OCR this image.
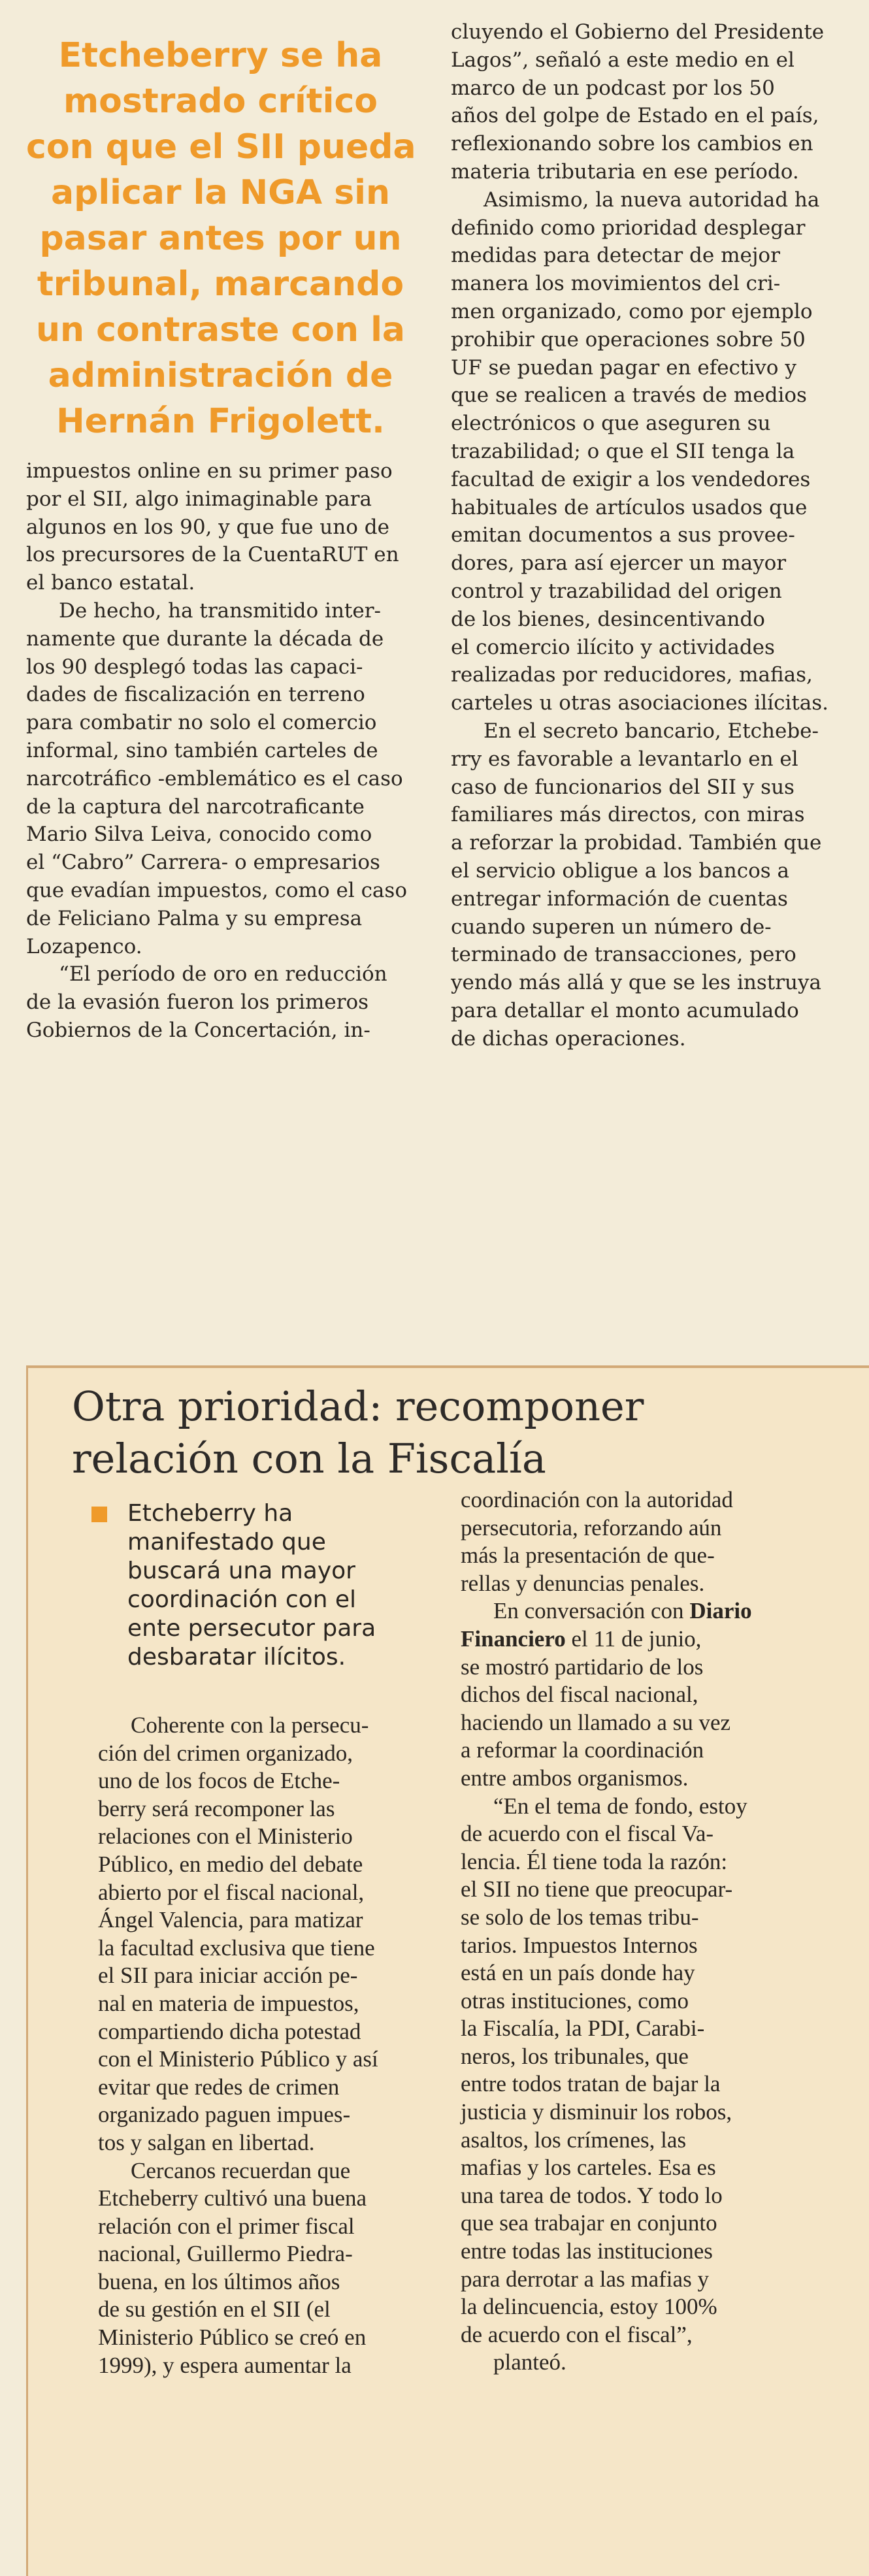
Etcheberry se ha
mostrado crítico
con que el SII pueda
aplicar la NGA sin
pasar antes por un
tribunal, marcando
un contraste con la
administración de
Hernán Frigolett.
impuestos online en su primer paso
por el SII, algo inimaginable para
algunos en los 90, y que fue uno de
los precursores de la CuentaRUT en
el banco estatal.
De hecho, ha transmitido inter-
namente que durante la década de
los 90 desplegó todas las capaci-
dades de fiscalización en terreno
para combatir no solo el comercio
informal, sino también carteles de
narcotráfico -emblemático es el caso
de la captura del narcotraficante
Mario Silva Leiva, conocido como
el “Cabro” Carrera- o empresarios
que evadían impuestos, como el caso
de Feliciano Palma y su empresa
Lozapenco.
“El período de oro en reducción
de la evasión fueron los primeros
Gobiernos de la Concertación, in-
cluyendo el Gobierno del Presidente
Lagos”, señaló a este medio en el
marco de un podcast por los 50
años del golpe de Estado en el país,
reflexionando sobre los cambios en
materia tributaria en ese período.
Asimismo, la nueva autoridad ha
definido como prioridad desplegar
medidas para detectar de mejor
manera los movimientos del cri-
men organizado, como por ejemplo
prohibir que operaciones sobre 50
UF se puedan pagar en efectivo y
que se realicen a través de medios
electrónicos o que aseguren su
trazabilidad; o que el SII tenga la
facultad de exigir a los vendedores
habituales de artículos usados que
emitan documentos a sus provee-
dores, para así ejercer un mayor
control y trazabilidad del origen
de los bienes, desincentivando
el comercio ilícito y actividades
realizadas por reducidores, mafias,
carteles u otras asociaciones ilícitas.
En el secreto bancario, Etchebe-
rry es favorable a levantarlo en el
caso de funcionarios del SII y sus
familiares más directos, con miras
a reforzar la probidad. También que
el servicio obligue a los bancos a
entregar información de cuentas
cuando superen un número de-
terminado de transacciones, pero
yendo más allá y que se les instruya
para detallar el monto acumulado
de dichas operaciones.
Otra prioridad: recomponer
relación con la Fiscalía
Etcheberry ha
manifestado que
buscará una mayor
coordinación con el
ente persecutor para
desbaratar ilícitos.
Coherente con la persecu-
ción del crimen organizado,
uno de los focos de Etche-
berry será recomponer las
relaciones con el Ministerio
Público, en medio del debate
abierto por el fiscal nacional,
Ángel Valencia, para matizar
la facultad exclusiva que tiene
el SII para iniciar acción pe-
nal en materia de impuestos,
compartiendo dicha potestad
con el Ministerio Público y así
evitar que redes de crimen
organizado paguen impues-
tos y salgan en libertad.
Cercanos recuerdan que
Etcheberry cultivó una buena
relación con el primer fiscal
nacional, Guillermo Piedra-
buena, en los últimos años
de su gestión en el SII (el
Ministerio Público se creó en
1999), y espera aumentar la
coordinación con la autoridad
persecutoria, reforzando aún
más la presentación de que-
rellas y denuncias penales.
En conversación con Diario
Financiero el 11 de junio,
se mostró partidario de los
dichos del fiscal nacional,
haciendo un llamado a su vez
a reformar la coordinación
entre ambos organismos.
“En el tema de fondo, estoy
de acuerdo con el fiscal Va-
lencia. Él tiene toda la razón:
el SII no tiene que preocupar-
se solo de los temas tribu-
tarios. Impuestos Internos
está en un país donde hay
otras instituciones, como
la Fiscalía, la PDI, Carabi-
neros, los tribunales, que
entre todos tratan de bajar la
justicia y disminuir los robos,
asaltos, los crímenes, las
mafias y los carteles. Esa es
una tarea de todos. Y todo lo
que sea trabajar en conjunto
entre todas las instituciones
para derrotar a las mafias y
la delincuencia, estoy 100%
de acuerdo con el fiscal”,
planteó.
